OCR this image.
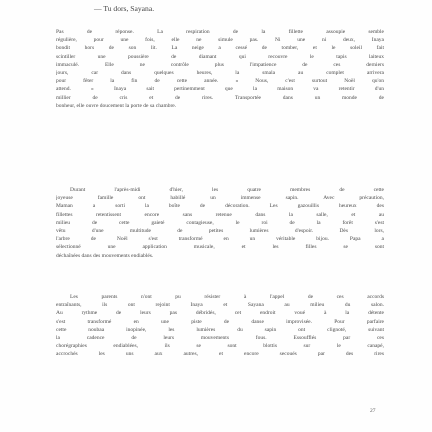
— Tu dors, Sayana.
Pas de réponse. La respiration de la fillette assoupie semble
régulière, pour une fois, elle ne simule pas. Ni une ni deux, Inaya
bondit hors de son lit. La neige a cessé de tomber, et le soleil fait
scintiller une poussière de diamant qui recouvre le tapis laiteux
immaculé. Elle ne contrôle plus l'impatience de ces derniers
jours, car dans quelques heures, la smala au complet arrivera
pour fêter la fin de cette année. « Nous, c'est surtout Noël qu'on
attend. » Inaya sait pertinemment que la maison va retentir d'un
millier de cris et de rires. Transportée dans un monde de
bonheur, elle ouvre doucement la porte de sa chambre.
Durant l'après-midi d'hier, les quatre membres de cette
joyeuse famille ont habillé un immense sapin. Avec précaution,
Maman a sorti la boîte de décoration. Les gazouillis heureux des
fillettes retentissent encore sans retenue dans la salle, et au
milieu de cette gaieté contagieuse, le roi de la forêt s'est
vêtu d'une multitude de petites lumières d'espoir. Dès lors,
l'arbre de Noël s'est transformé en un véritable bijou. Papa a
sélectionné une application musicale, et les filles se sont
déchaînées dans des mouvements endiablés.
Les parents n'ont pu résister à l'appel de ces accords
entraînants, ils ont rejoint Inaya et Sayana au milieu du salon.
Au rythme de leurs pas débridés, cet endroit voué à la détente
s'est transformé en une piste de danse improvisée. Pour parfaire
cette noubaa inopinée, les lumières du sapin ont clignoté, suivant
la cadence de leurs mouvements fous. Essoufflés par ces
chorégraphies endiablées, ils se sont blottis sur le canapé,
accrochés les uns aux autres, et encore secoués par des rires
27
